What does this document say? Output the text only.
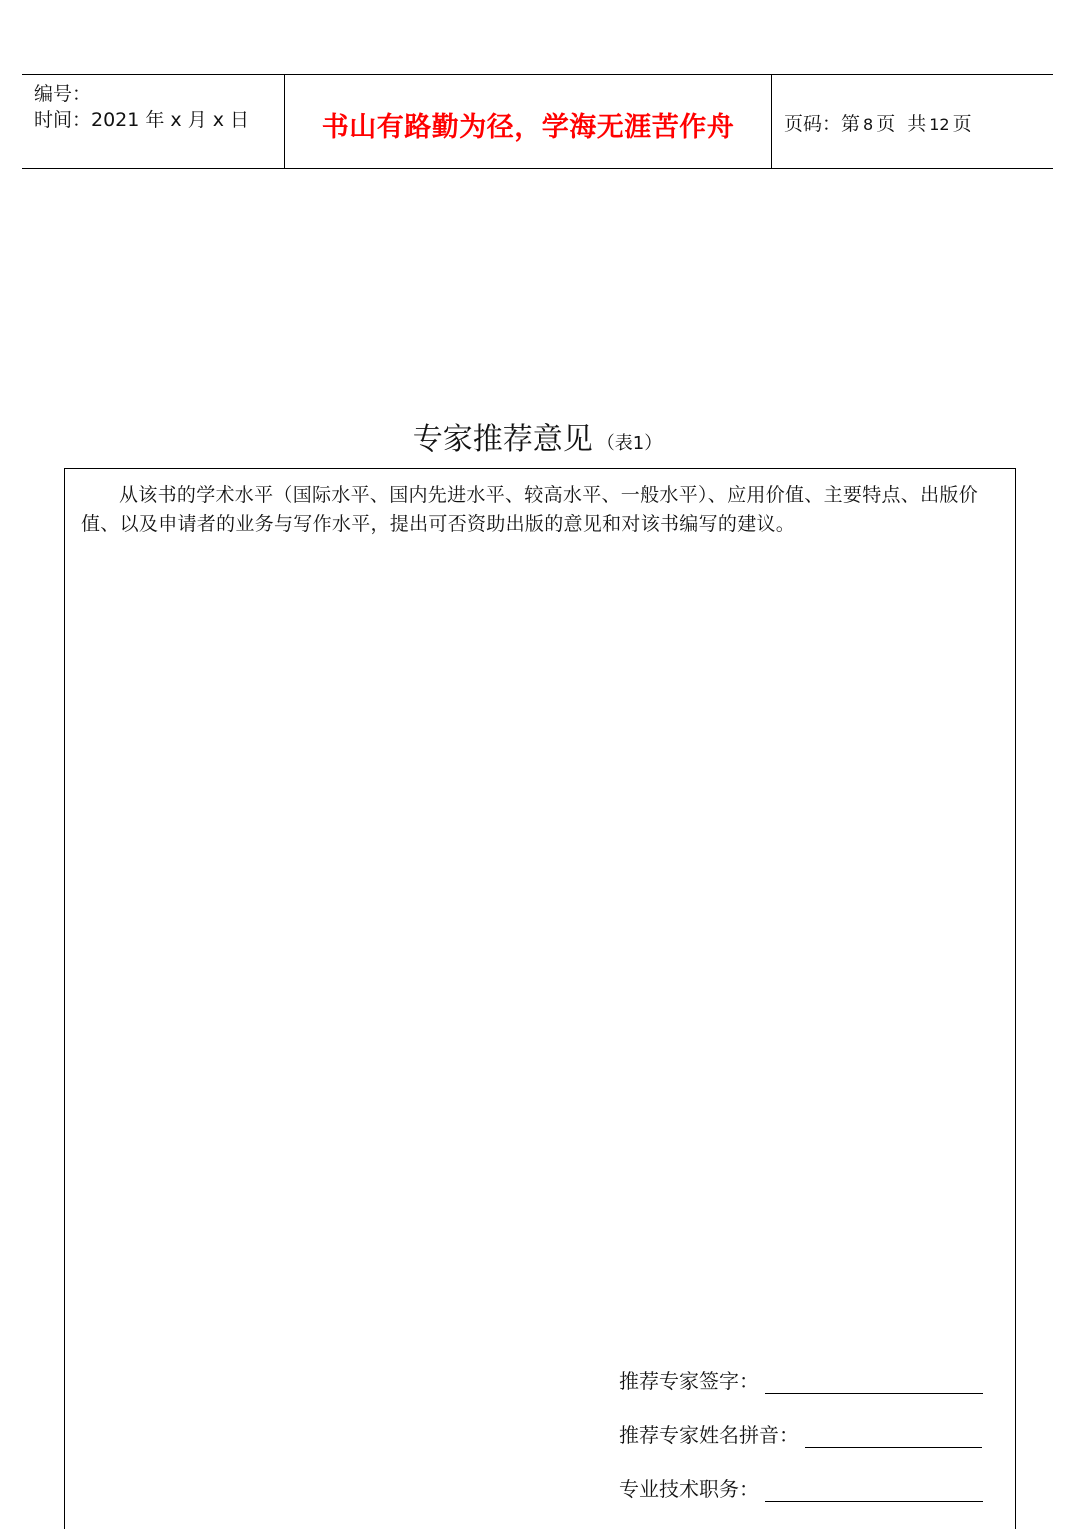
编号：
时间：2021 年 x 月 x 日	书山有路勤为径，学海无涯苦作舟	页码：第 8 页 共 12 页
专家推荐意见 （表1）
从该书的学术水平（国际水平、国内先进水平、较高水平、一般水平）、应用价值、主要特点、出版价值、以及申请者的业务与写作水平，提出可否资助出版的意见和对该书编写的建议。
推荐专家签字：
推荐专家姓名拼音：
专业技术职务：
